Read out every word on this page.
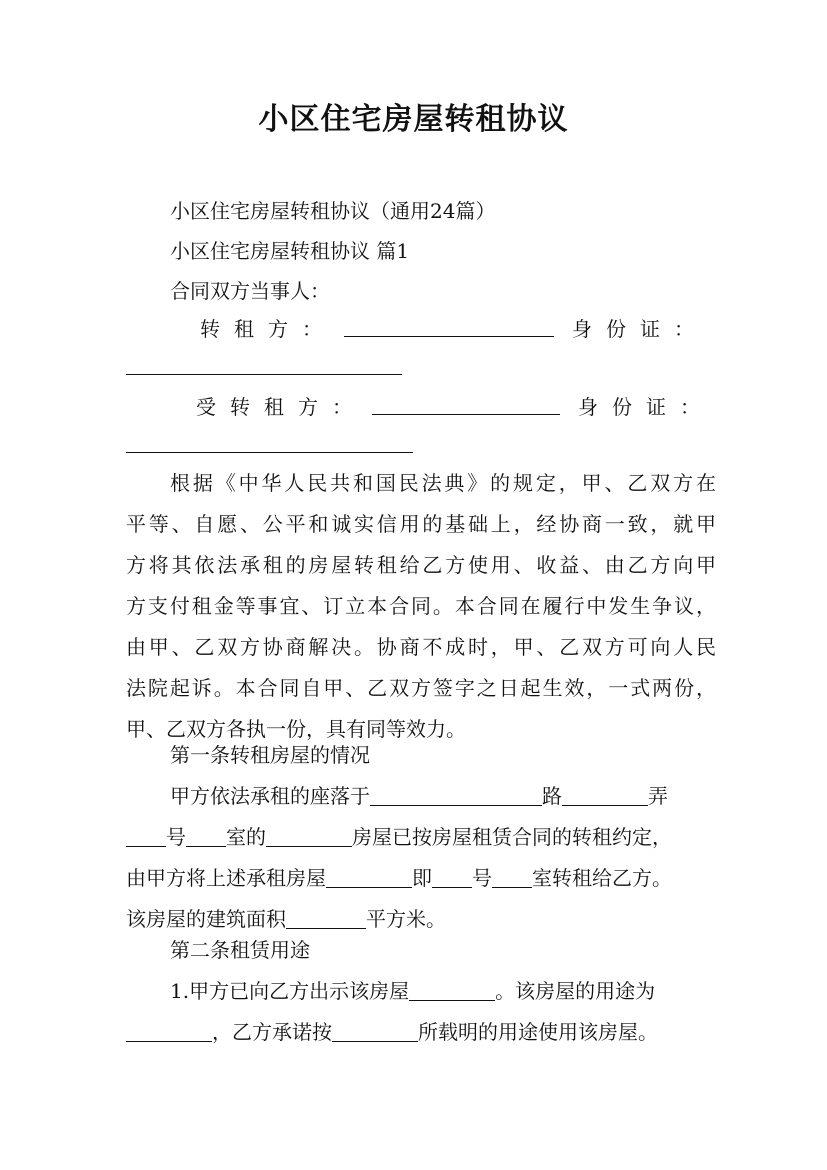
小区住宅房屋转租协议

小区住宅房屋转租协议（通用24篇）

小区住宅房屋转租协议 篇1

合同双方当事人：

转租方：	身份证：
受转租方：	身份证：

根据《中华人民共和国民法典》的规定，甲、乙双方在

平等、自愿、公平和诚实信用的基础上，经协商一致，就甲

方将其依法承租的房屋转租给乙方使用、收益、由乙方向甲

方支付租金等事宜、订立本合同。本合同在履行中发生争议，

由甲、乙双方协商解决。协商不成时，甲、乙双方可向人民

法院起诉。本合同自甲、乙双方签字之日起生效，一式两份，

甲、乙双方各执一份，具有同等效力。

第一条转租房屋的情况

甲方依法承租的座落于	路	弄

号 室的	房屋已按房屋租赁合同的转租约定，

由甲方将上述承租房屋	即 号 室转租给乙方。

该房屋的建筑面积	平方米。

第二条租赁用途

1.甲方已向乙方出示该房屋	。该房屋的用途为

，乙方承诺按	所载明的用途使用该房屋。
